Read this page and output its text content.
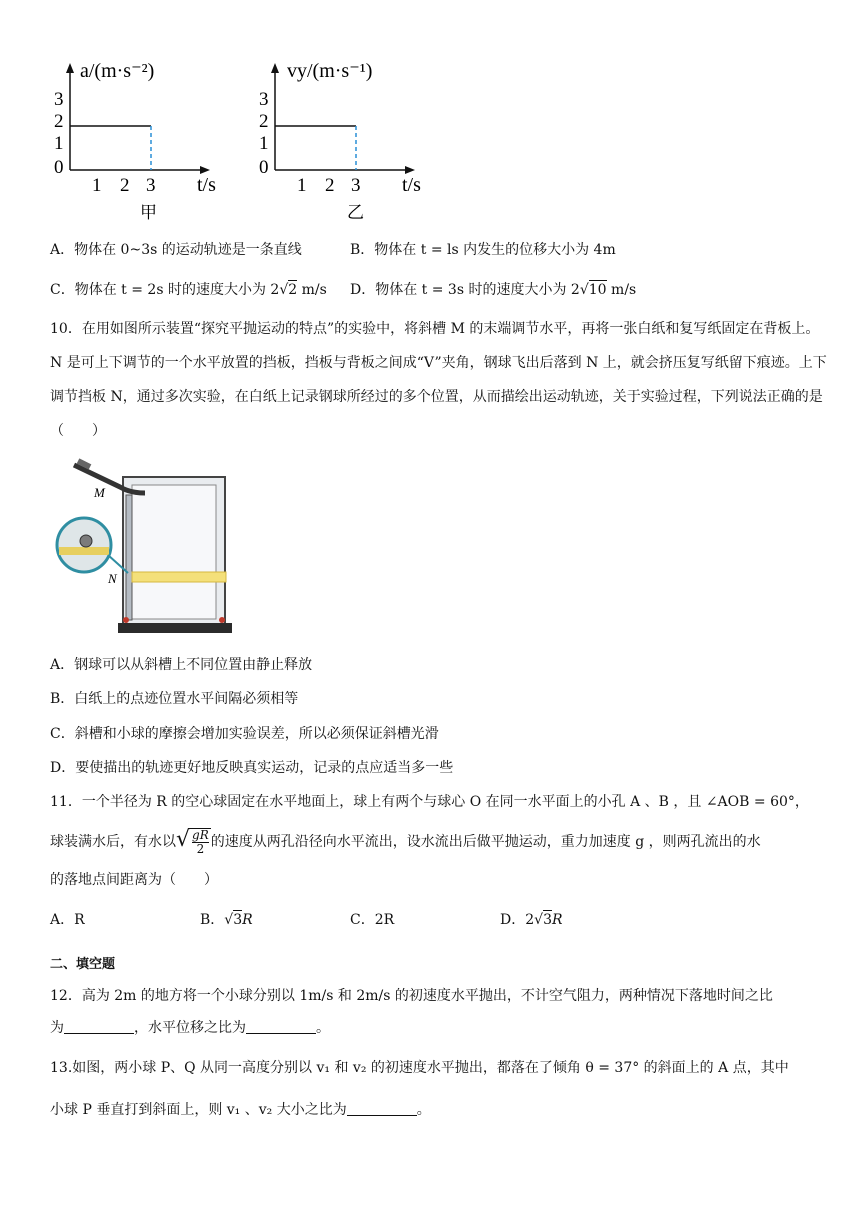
a/(m·s⁻²)
3
2
1
0
1 2 3 t/s
甲
vy/(m·s⁻¹)
3
2
1
0
1 2 3 t/s
乙
A．物体在 0~3s 的运动轨迹是一条直线	B．物体在 t = ls 内发生的位移大小为 4m
C．物体在 t = 2s 时的速度大小为 2√2 m/s D．物体在 t = 3s 时的速度大小为 2√10 m/s
10．在用如图所示装置“探究平抛运动的特点”的实验中，将斜槽 M 的末端调节水平，再将一张白纸和复写纸固定在背板上。N 是可上下调节的一个水平放置的挡板，挡板与背板之间成“V”夹角，钢球飞出后落到 N 上，就会挤压复写纸留下痕迹。上下调节挡板 N，通过多次实验，在白纸上记录钢球所经过的多个位置，从而描绘出运动轨迹，关于实验过程，下列说法正确的是（　　）
M
N
A．钢球可以从斜槽上不同位置由静止释放
B．白纸上的点迹位置水平间隔必须相等
C．斜槽和小球的摩擦会增加实验误差，所以必须保证斜槽光滑
D．要使描出的轨迹更好地反映真实运动，记录的点应适当多一些
11．一个半径为 R 的空心球固定在水平地面上，球上有两个与球心 O 在同一水平面上的小孔 A 、B ，且 ∠AOB = 60°，
球装满水后，有水以√ $\frac{gR}{2}$ 的速度从两孔沿径向水平流出，设水流出后做平抛运动，重力加速度 g ，则两孔流出的水
的落地点间距离为（　　）
A．R	B．√3R	C．2R	D．2√3R
二、填空题
12．高为 2m 的地方将一个小球分别以 1m/s 和 2m/s 的初速度水平抛出，不计空气阻力，两种情况下落地时间之比
为	，水平位移之比为	。
13.如图，两小球 P、Q 从同一高度分别以 v₁ 和 v₂ 的初速度水平抛出，都落在了倾角 θ = 37° 的斜面上的 A 点，其中
小球 P 垂直打到斜面上，则 v₁ 、v₂ 大小之比为	。
